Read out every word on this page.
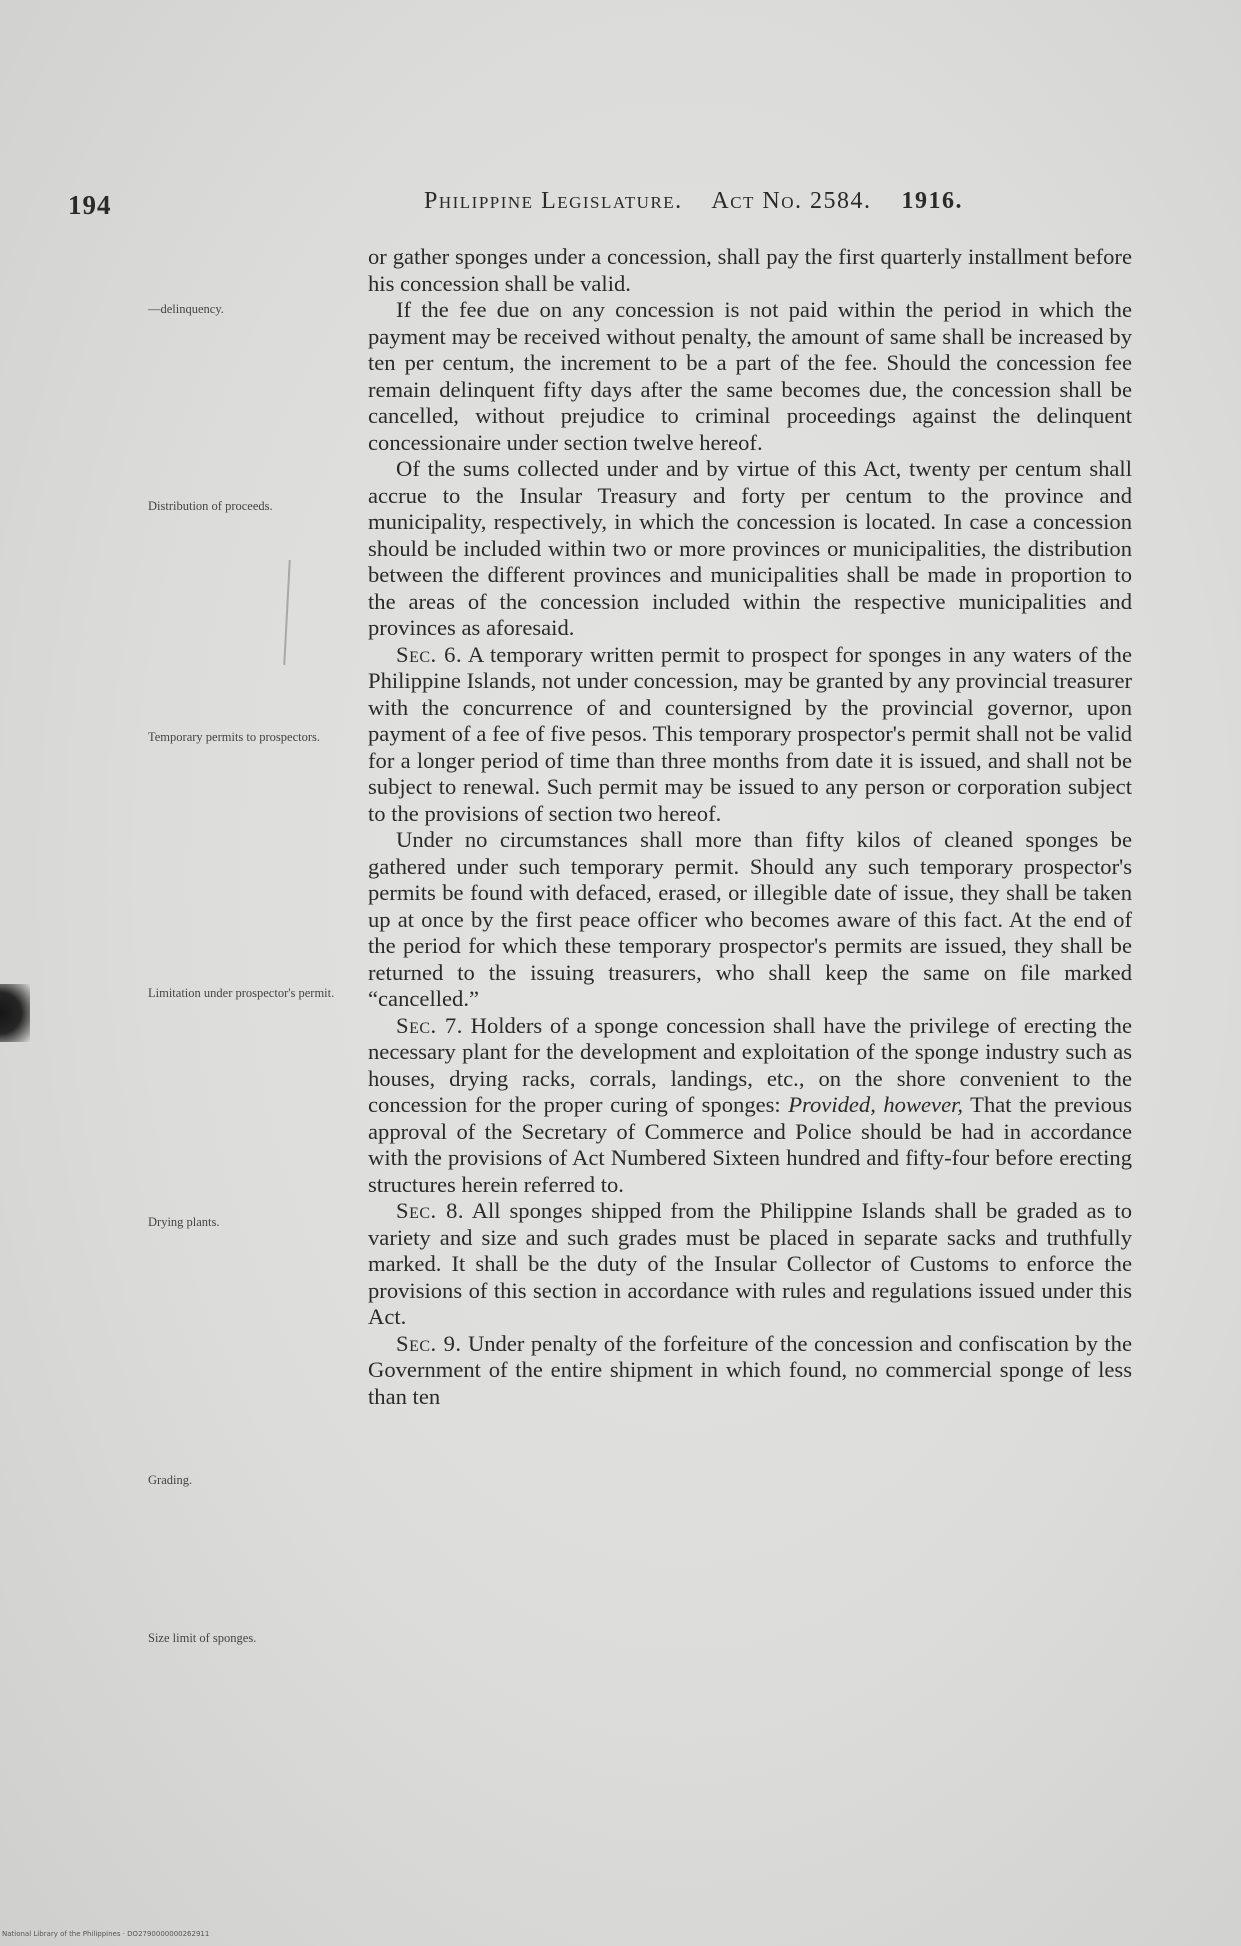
194	Philippine Legislature. Act No. 2584. 1916.
—delinquency.
Distribution of proceeds.
Temporary permits to prospectors.
Limitation under prospector's permit.
Drying plants.
Grading.
Size limit of sponges.

or gather sponges under a concession, shall pay the first quarterly installment before his concession shall be valid.

If the fee due on any concession is not paid within the period in which the payment may be received without penalty, the amount of same shall be increased by ten per centum, the increment to be a part of the fee. Should the concession fee remain delinquent fifty days after the same becomes due, the concession shall be cancelled, without prejudice to criminal proceedings against the delinquent concessionaire under section twelve hereof.

Of the sums collected under and by virtue of this Act, twenty per centum shall accrue to the Insular Treasury and forty per centum to the province and municipality, respectively, in which the concession is located. In case a concession should be included within two or more provinces or municipalities, the distribution between the different provinces and municipalities shall be made in proportion to the areas of the concession included within the respective municipalities and provinces as aforesaid.

Sec. 6. A temporary written permit to prospect for sponges in any waters of the Philippine Islands, not under concession, may be granted by any provincial treasurer with the concurrence of and countersigned by the provincial governor, upon payment of a fee of five pesos. This temporary prospector's permit shall not be valid for a longer period of time than three months from date it is issued, and shall not be subject to renewal. Such permit may be issued to any person or corporation subject to the provisions of section two hereof.

Under no circumstances shall more than fifty kilos of cleaned sponges be gathered under such temporary permit. Should any such temporary prospector's permits be found with defaced, erased, or illegible date of issue, they shall be taken up at once by the first peace officer who becomes aware of this fact. At the end of the period for which these temporary prospector's permits are issued, they shall be returned to the issuing treasurers, who shall keep the same on file marked “cancelled.”

Sec. 7. Holders of a sponge concession shall have the privilege of erecting the necessary plant for the development and exploitation of the sponge industry such as houses, drying racks, corrals, landings, etc., on the shore convenient to the concession for the proper curing of sponges: Provided, however, That the previous approval of the Secretary of Commerce and Police should be had in accordance with the provisions of Act Numbered Sixteen hundred and fifty-four before erecting structures herein referred to.

Sec. 8. All sponges shipped from the Philippine Islands shall be graded as to variety and size and such grades must be placed in separate sacks and truthfully marked. It shall be the duty of the Insular Collector of Customs to enforce the provisions of this section in accordance with rules and regulations issued under this Act.

Sec. 9. Under penalty of the forfeiture of the concession and confiscation by the Government of the entire shipment in which found, no commercial sponge of less than ten

National Library of the Philippines · DO2790000000262911
